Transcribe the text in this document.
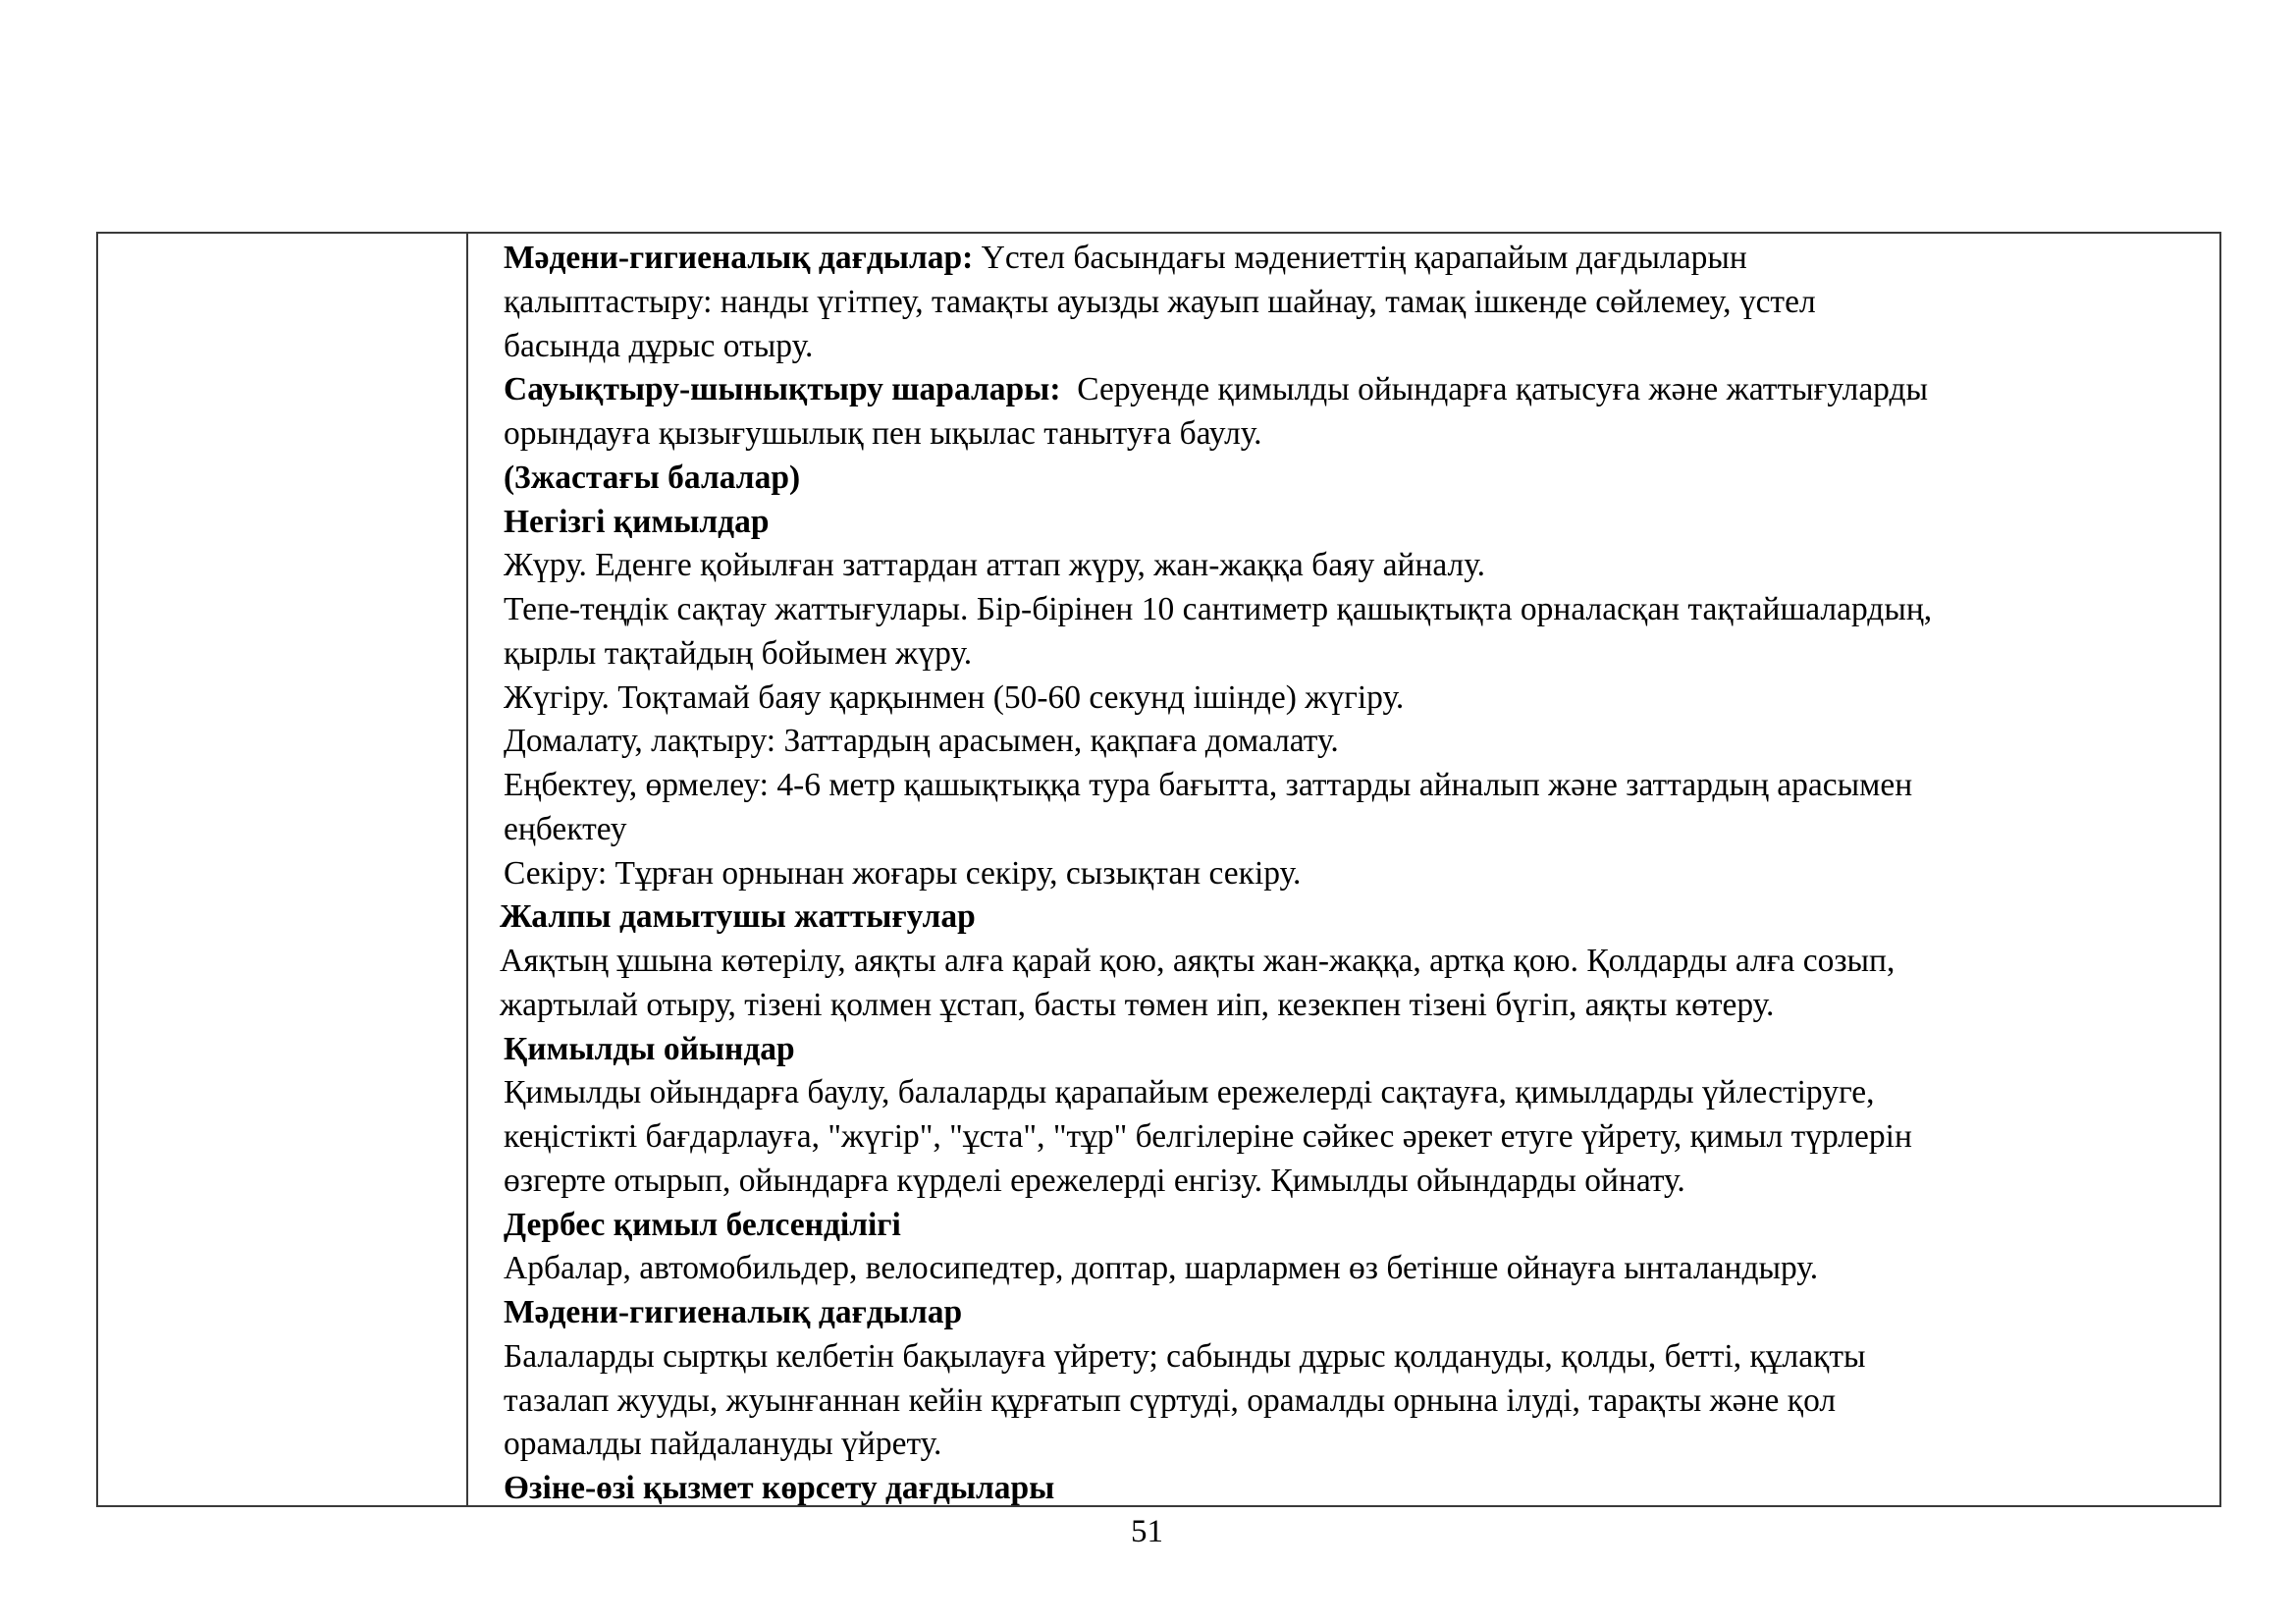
Мәдени-гигиеналық дағдылар: Үстел басындағы мәдениеттің қарапайым дағдыларын
қалыптастыру: нанды үгітпеу, тамақты ауызды жауып шайнау, тамақ ішкенде сөйлемеу, үстел
басында дұрыс отыру.
Сауықтыру-шынықтыру шаралары:  Серуенде қимылды ойындарға қатысуға және жаттығуларды
орындауға қызығушылық пен ықылас танытуға баулу.
(3жастағы балалар)
Негізгі қимылдар
Жүру. Еденге қойылған заттардан аттап жүру, жан-жаққа баяу айналу.
Тепе-теңдік сақтау жаттығулары. Бір-бірінен 10 сантиметр қашықтықта орналасқан тақтайшалардың,
қырлы тақтайдың бойымен жүру.
Жүгіру. Тоқтамай баяу қарқынмен (50-60 секунд ішінде) жүгіру.
Домалату, лақтыру: Заттардың арасымен, қақпаға домалату.
Еңбектеу, өрмелеу: 4-6 метр қашықтыққа тура бағытта, заттарды айналып және заттардың арасымен
еңбектеу
Секіру: Тұрған орнынан жоғары секіру, сызықтан секіру.
Жалпы дамытушы жаттығулар
Аяқтың ұшына көтерілу, аяқты алға қарай қою, аяқты жан-жаққа, артқа қою. Қолдарды алға созып,
жартылай отыру, тізені қолмен ұстап, басты төмен иіп, кезекпен тізені бүгіп, аяқты көтеру.
Қимылды ойындар
Қимылды ойындарға баулу, балаларды қарапайым ережелерді сақтауға, қимылдарды үйлестіруге,
кеңістікті бағдарлауға, "жүгір", "ұста", "тұр" белгілеріне сәйкес әрекет етуге үйрету, қимыл түрлерін
өзгерте отырып, ойындарға күрделі ережелерді енгізу. Қимылды ойындарды ойнату.
Дербес қимыл белсенділігі
Арбалар, автомобильдер, велосипедтер, доптар, шарлармен өз бетінше ойнауға ынталандыру.
Мәдени-гигиеналық дағдылар
Балаларды сыртқы келбетін бақылауға үйрету; сабынды дұрыс қолдануды, қолды, бетті, құлақты
тазалап жууды, жуынғаннан кейін құрғатып сүртуді, орамалды орнына ілуді, тарақты және қол
орамалды пайдалануды үйрету.
Өзіне-өзі қызмет көрсету дағдылары
51
